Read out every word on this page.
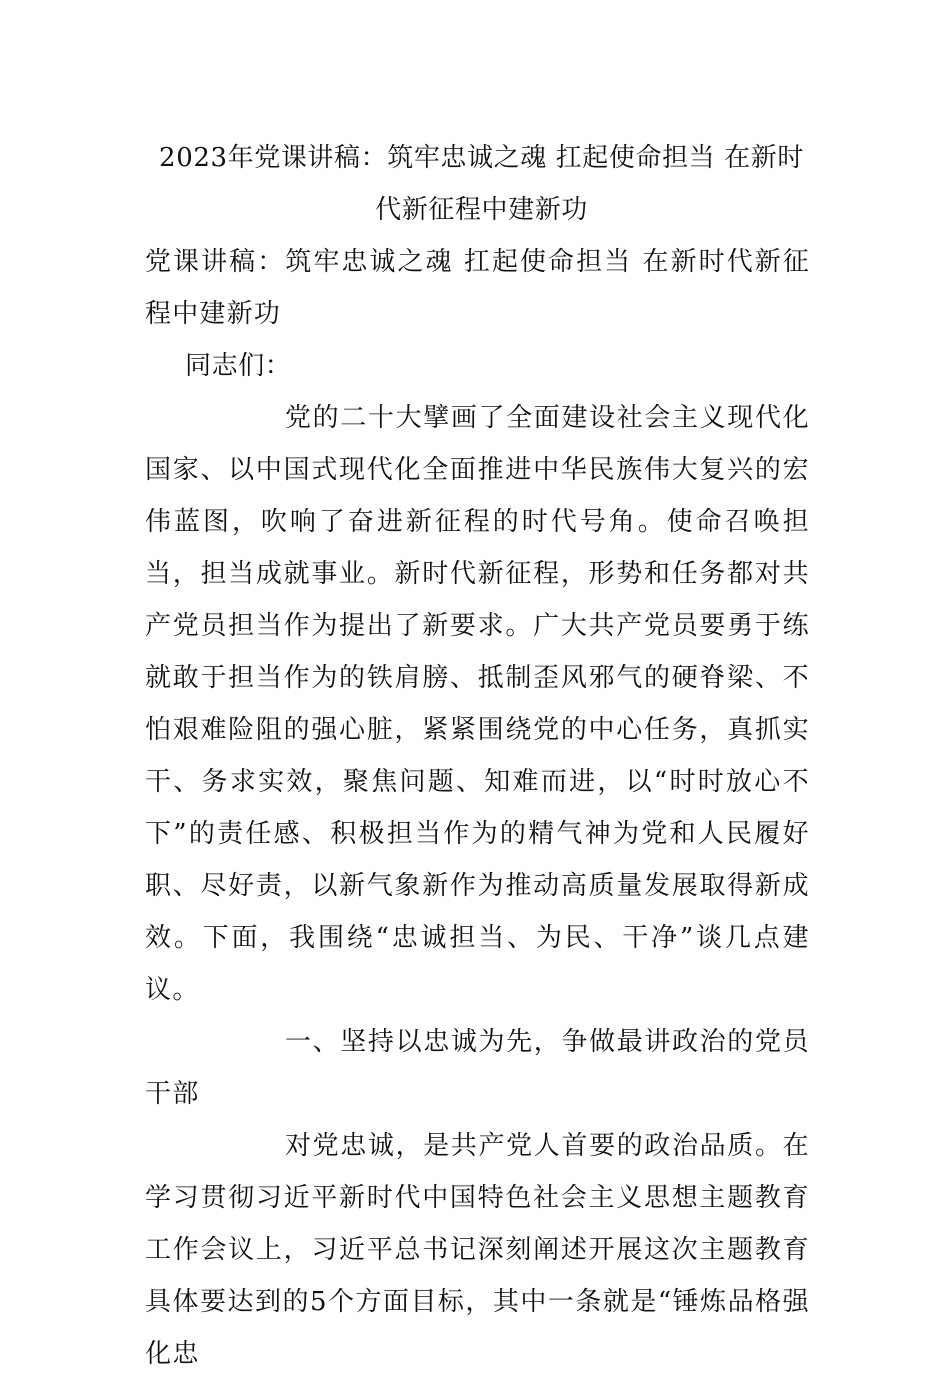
2023年党课讲稿：筑牢忠诚之魂 扛起使命担当 在新时代新征程中建新功
党课讲稿：筑牢忠诚之魂 扛起使命担当 在新时代新征程中建新功

同志们：

党的二十大擘画了全面建设社会主义现代化国家、以中国式现代化全面推进中华民族伟大复兴的宏伟蓝图，吹响了奋进新征程的时代号角。使命召唤担当，担当成就事业。新时代新征程，形势和任务都对共产党员担当作为提出了新要求。广大共产党员要勇于练就敢于担当作为的铁肩膀、抵制歪风邪气的硬脊梁、不怕艰难险阻的强心脏，紧紧围绕党的中心任务，真抓实干、务求实效，聚焦问题、知难而进，以“时时放心不下”的责任感、积极担当作为的精气神为党和人民履好职、尽好责，以新气象新作为推动高质量发展取得新成效。下面，我围绕“忠诚担当、为民、干净”谈几点建议。

一、坚持以忠诚为先，争做最讲政治的党员干部

对党忠诚，是共产党人首要的政治品质。在学习贯彻习近平新时代中国特色社会主义思想主题教育工作会议上，习近平总书记深刻阐述开展这次主题教育具体要达到的5个方面目标，其中一条就是“锤炼品格强化忠
